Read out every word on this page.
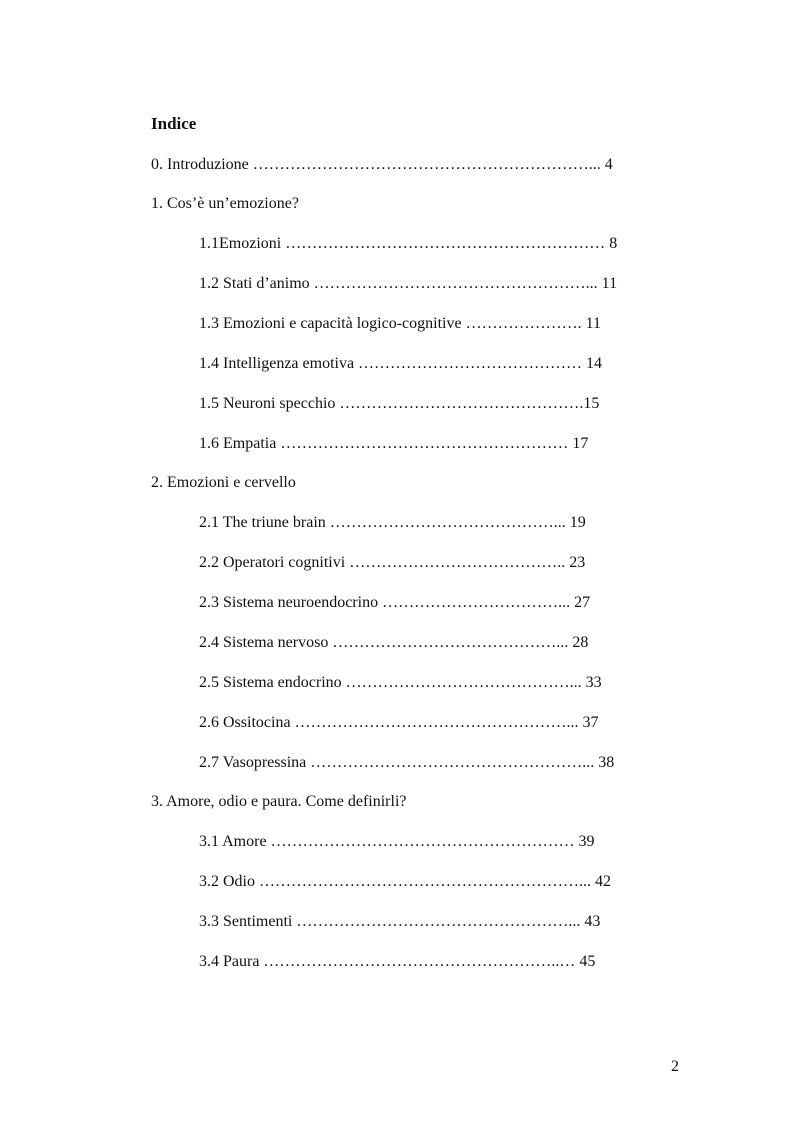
Indice
0. Introduzione ………………………………………………………... 4
1. Cos’è un’emozione?
1.1Emozioni …………………………………………………… 8
1.2 Stati d’animo ……………………………………………... 11
1.3 Emozioni e capacità logico-cognitive …………………. 11
1.4 Intelligenza emotiva …………………………………… 14
1.5 Neuroni specchio ……………………………………….15
1.6 Empatia ……………………………………………… 17
2. Emozioni e cervello
2.1 The triune brain ……………………………………... 19
2.2 Operatori cognitivi ………………………………….. 23
2.3 Sistema neuroendocrino ……………………………... 27
2.4 Sistema nervoso ……………………………………... 28
2.5 Sistema endocrino ……………………………………... 33
2.6 Ossitocina ……………………………………………... 37
2.7 Vasopressina ……………………………………………... 38
3. Amore, odio e paura. Come definirli?
3.1 Amore ………………………………………………… 39
3.2 Odio ……………………………………………………... 42
3.3 Sentimenti ……………………………………………... 43
3.4 Paura ………………………………………………..… 45
2
